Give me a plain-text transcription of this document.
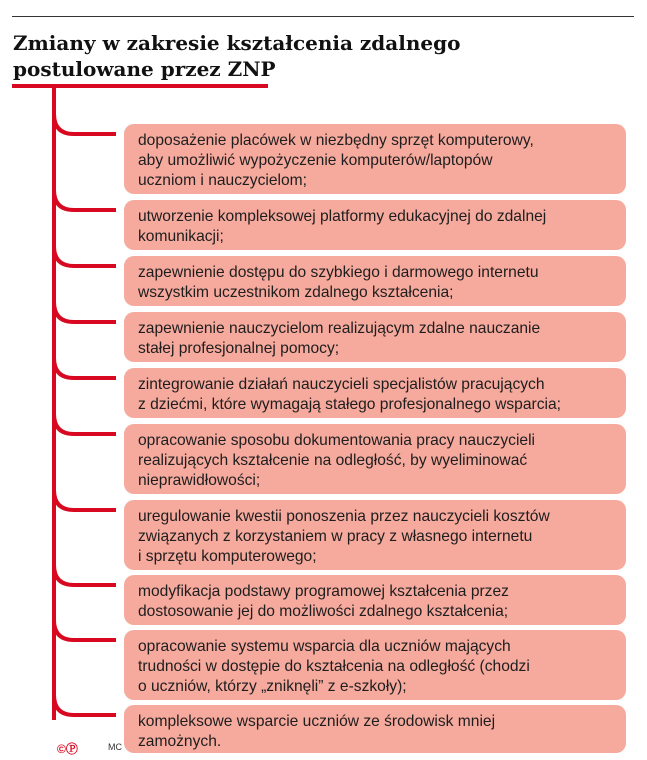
Zmiany w zakresie kształcenia zdalnego
postulowane przez ZNP
doposażenie placówek w niezbędny sprzęt komputerowy,
aby umożliwić wypożyczenie komputerów/laptopów
uczniom i nauczycielom;
utworzenie kompleksowej platformy edukacyjnej do zdalnej
komunikacji;
zapewnienie dostępu do szybkiego i darmowego internetu
wszystkim uczestnikom zdalnego kształcenia;
zapewnienie nauczycielom realizującym zdalne nauczanie
stałej profesjonalnej pomocy;
zintegrowanie działań nauczycieli specjalistów pracujących
z dziećmi, które wymagają stałego profesjonalnego wsparcia;
opracowanie sposobu dokumentowania pracy nauczycieli
realizujących kształcenie na odległość, by wyeliminować
nieprawidłowości;
uregulowanie kwestii ponoszenia przez nauczycieli kosztów
związanych z korzystaniem w pracy z własnego internetu
i sprzętu komputerowego;
modyfikacja podstawy programowej kształcenia przez
dostosowanie jej do możliwości zdalnego kształcenia;
opracowanie systemu wsparcia dla uczniów mających
trudności w dostępie do kształcenia na odległość (chodzi
o uczniów, którzy „zniknęli” z e-szkoły);
kompleksowe wsparcie uczniów ze środowisk mniej
zamożnych.
©Ⓟ	MC
